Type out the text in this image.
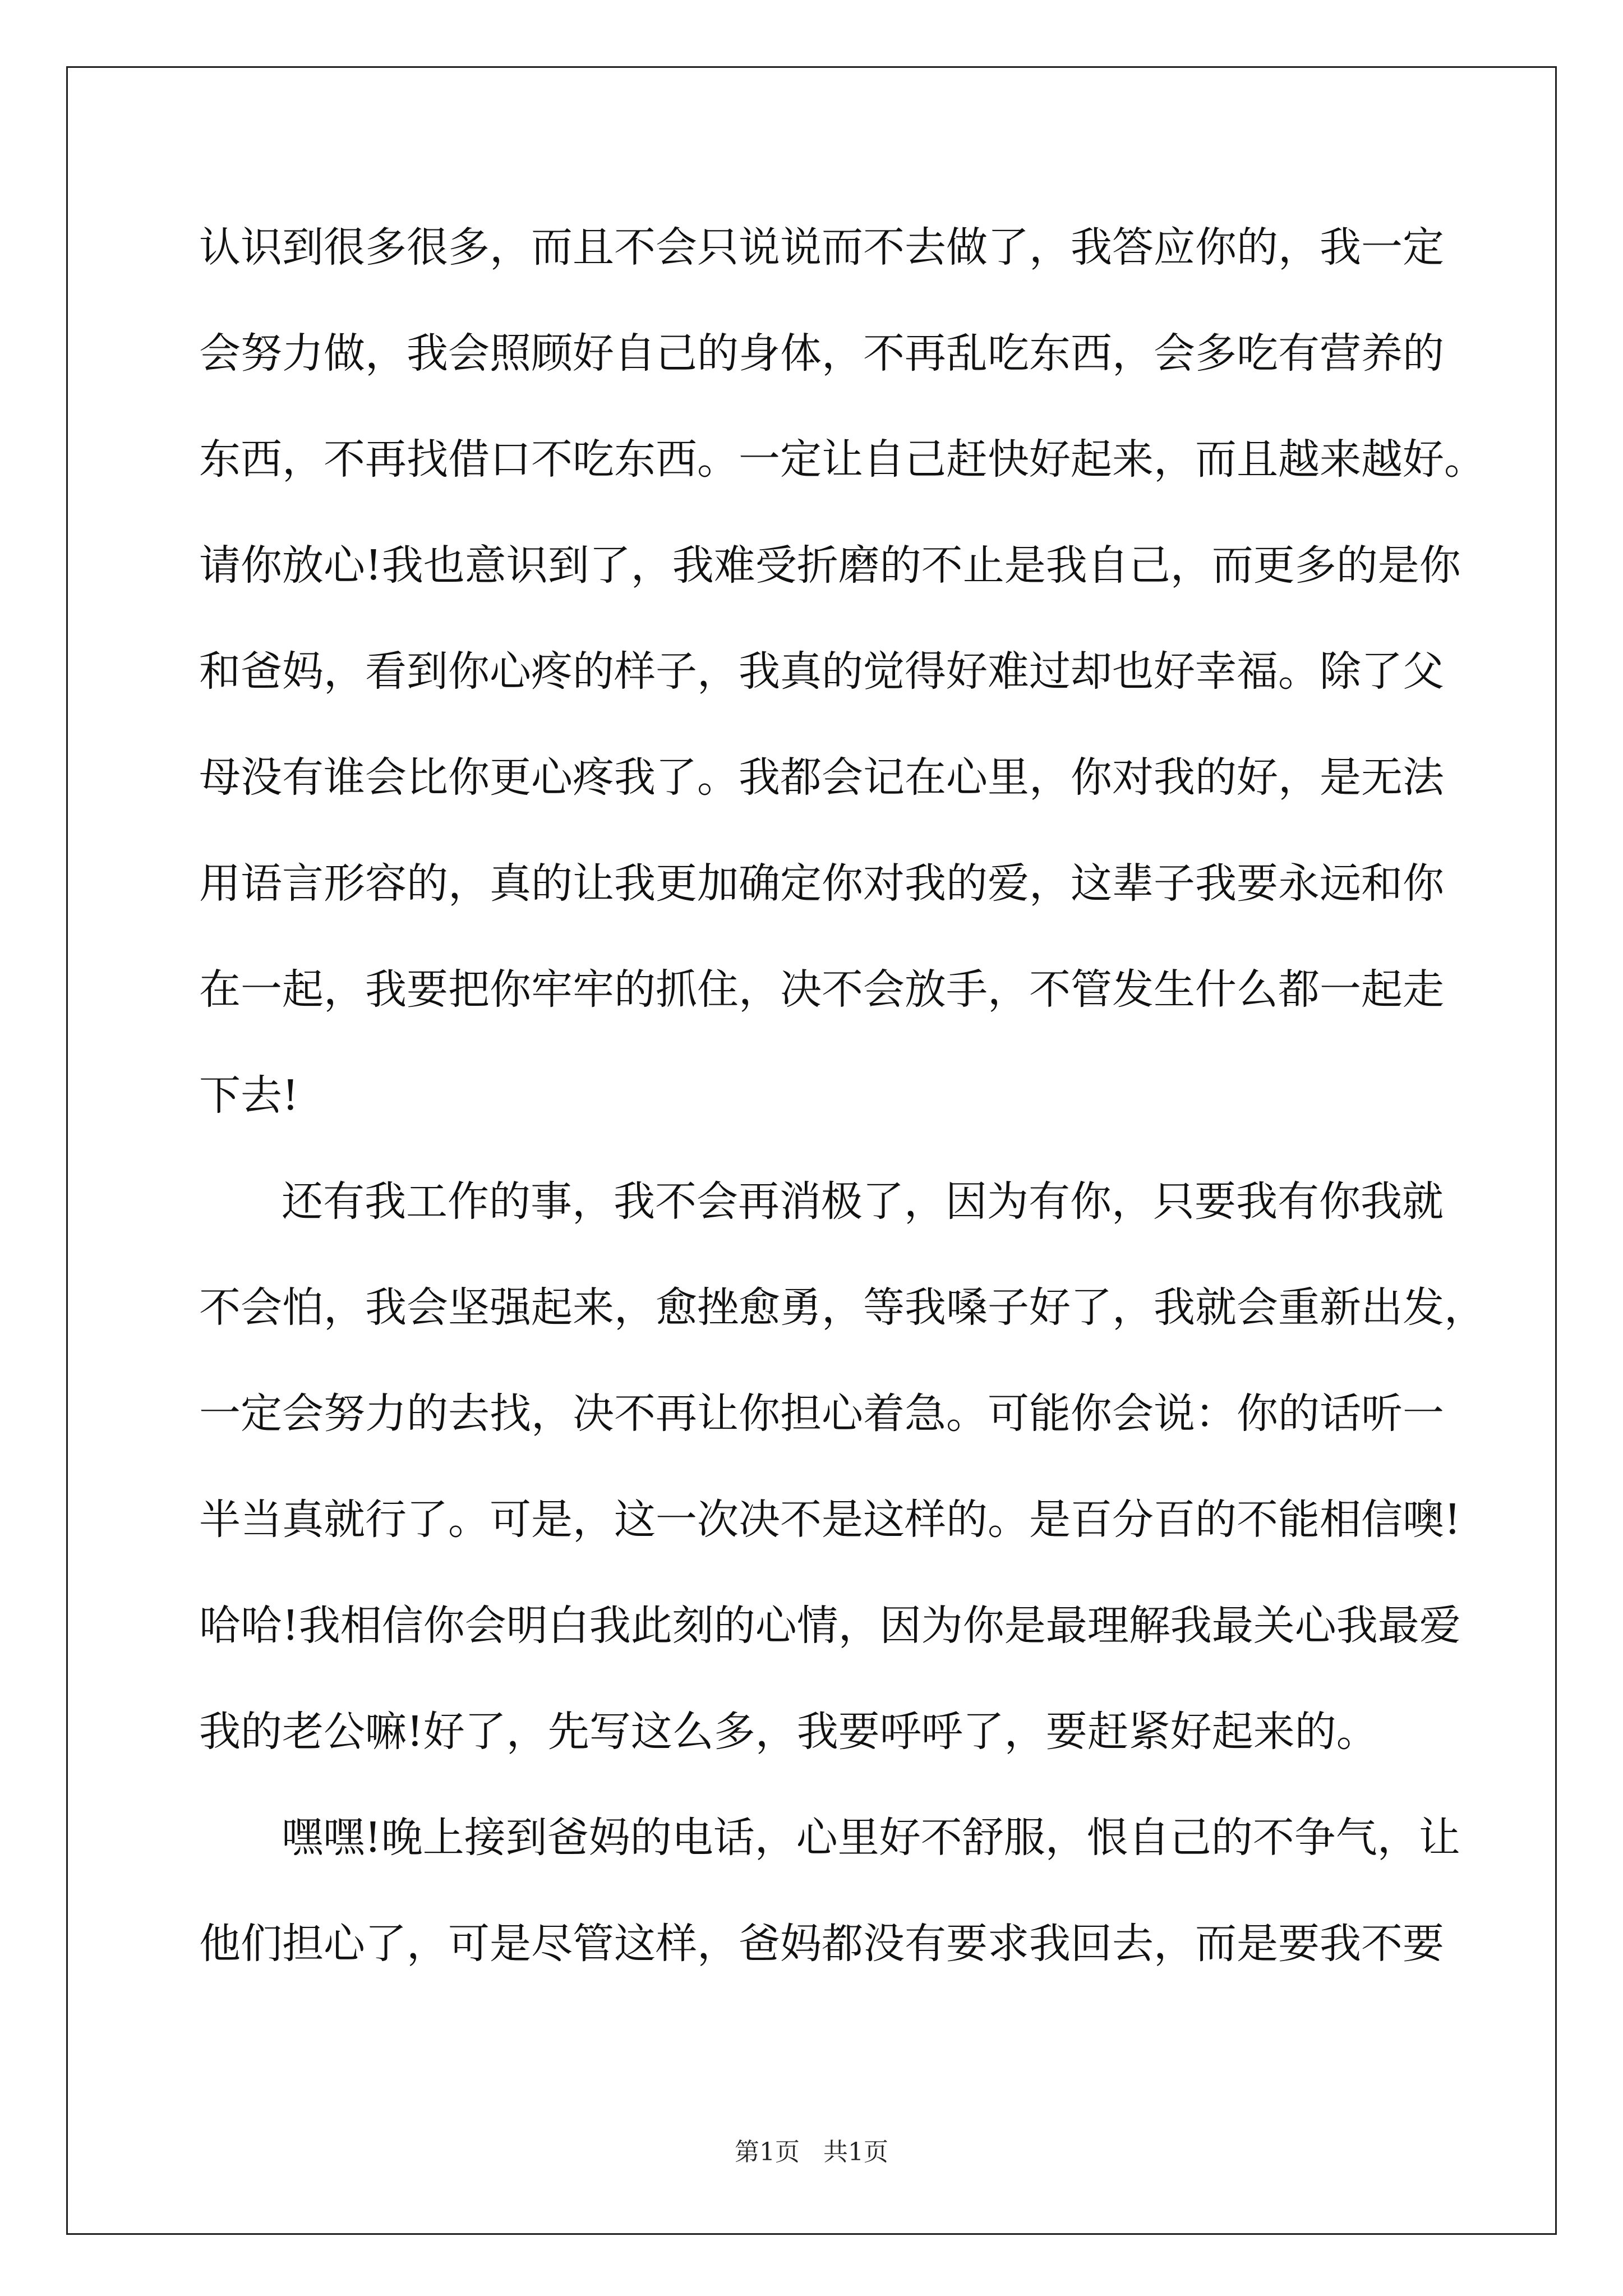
认识到很多很多，而且不会只说说而不去做了，我答应你的，我一定
会努力做，我会照顾好自己的身体，不再乱吃东西，会多吃有营养的
东西，不再找借口不吃东西。一定让自己赶快好起来，而且越来越好。
请你放心!我也意识到了，我难受折磨的不止是我自己，而更多的是你
和爸妈，看到你心疼的样子，我真的觉得好难过却也好幸福。除了父
母没有谁会比你更心疼我了。我都会记在心里，你对我的好，是无法
用语言形容的，真的让我更加确定你对我的爱，这辈子我要永远和你
在一起，我要把你牢牢的抓住，决不会放手，不管发生什么都一起走
下去!
还有我工作的事，我不会再消极了，因为有你，只要我有你我就
不会怕，我会坚强起来，愈挫愈勇，等我嗓子好了，我就会重新出发，
一定会努力的去找，决不再让你担心着急。可能你会说：你的话听一
半当真就行了。可是，这一次决不是这样的。是百分百的不能相信噢!
哈哈!我相信你会明白我此刻的心情，因为你是最理解我最关心我最爱
我的老公嘛!好了，先写这么多，我要呼呼了，要赶紧好起来的。
嘿嘿!晚上接到爸妈的电话，心里好不舒服，恨自己的不争气，让
他们担心了，可是尽管这样，爸妈都没有要求我回去，而是要我不要
第1页   共1页
